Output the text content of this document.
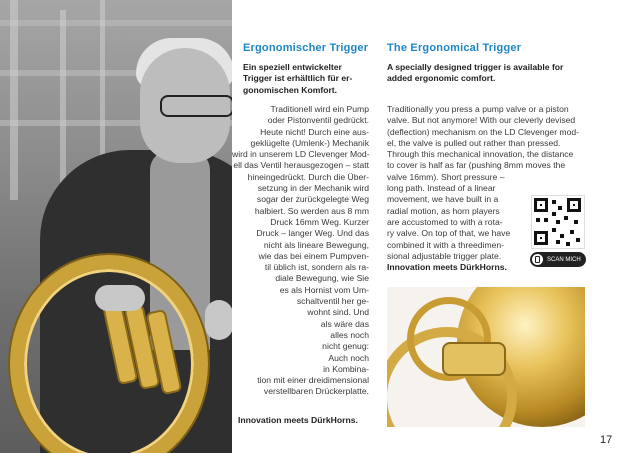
Ergonomischer Trigger
Ein speziell entwickelter
Trigger ist erhältlich für er-
gonomischen Komfort.
Traditionell wird ein Pump
oder Pistonventil gedrückt.
Heute nicht! Durch eine aus-
geklügelte (Umlenk-) Mechanik
wird in unserem LD Clevenger Mod-
ell das Ventil herausgezogen – statt
hineingedrückt. Durch die Über-
setzung in der Mechanik wird
sogar der zurückgelegte Weg
halbiert. So werden aus 8 mm
Druck 16mm Weg. Kurzer
Druck – langer Weg. Und das
nicht als lineare Bewegung,
wie das bei einem Pumpven-
til üblich ist, sondern als ra-
diale Bewegung, wie Sie
es als Hornist vom Um-
schaltventil her ge-
wohnt sind. Und
als wäre das
alles noch
nicht genug:
Auch noch
in Kombina-
tion mit einer dreidimensional
verstellbaren Drückerplatte.
Innovation meets DürkHorns.
The Ergonomical Trigger
A specially designed trigger is available for
added ergonomic comfort.
Traditionally you press a pump valve or a piston
valve. But not anymore! With our cleverly devised
(deflection) mechanism on the LD Clevenger mod-
el, the valve is pulled out rather than pressed.
Through this mechanical innovation, the distance
to cover is half as far (pushing 8mm moves the
valve 16mm). Short pressure –
long path. Instead of a linear
movement, we have built in a
radial motion, as horn players
are accustomed to with a rota-
ry valve. On top of that, we have
combined it with a threedimen-
sional adjustable trigger plate.
Innovation meets DürkHorns.
SCAN MICH
17
